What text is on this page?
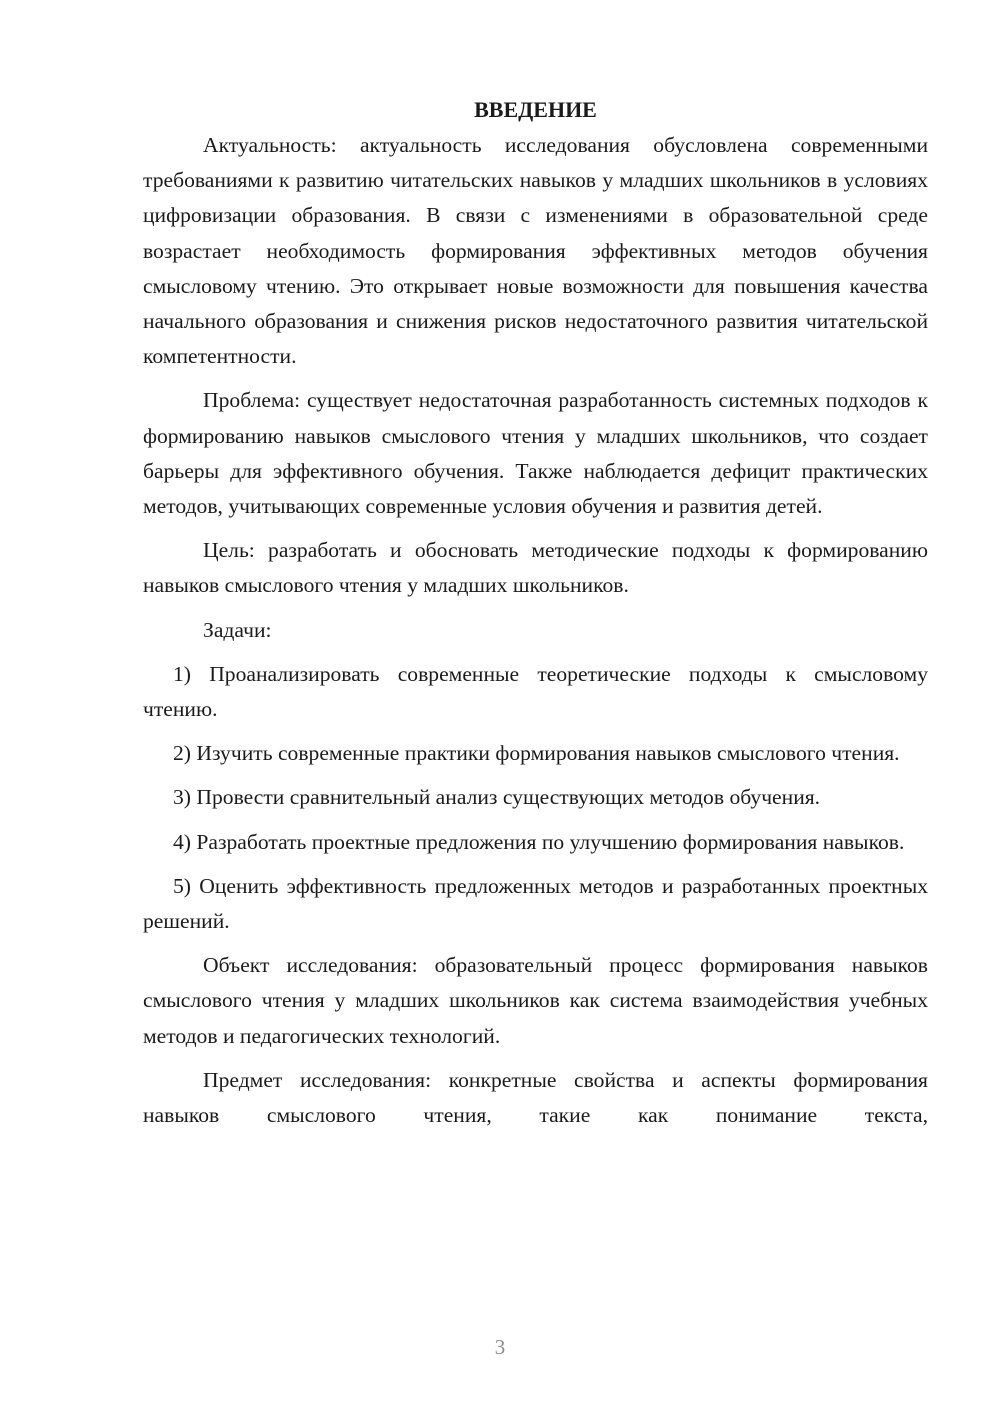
ВВЕДЕНИЕ

Актуальность: актуальность исследования обусловлена современными требованиями к развитию читательских навыков у младших школьников в условиях цифровизации образования. В связи с изменениями в образовательной среде возрастает необходимость формирования эффективных методов обучения смысловому чтению. Это открывает новые возможности для повышения качества начального образования и снижения рисков недостаточного развития читательской компетентности.

Проблема: существует недостаточная разработанность системных подходов к формированию навыков смыслового чтения у младших школьников, что создает барьеры для эффективного обучения. Также наблюдается дефицит практических методов, учитывающих современные условия обучения и развития детей.

Цель: разработать и обосновать методические подходы к формированию навыков смыслового чтения у младших школьников.

Задачи:

1) Проанализировать современные теоретические подходы к смысловому чтению.

2) Изучить современные практики формирования навыков смыслового чтения.

3) Провести сравнительный анализ существующих методов обучения.

4) Разработать проектные предложения по улучшению формирования навыков.

5) Оценить эффективность предложенных методов и разработанных проектных решений.

Объект исследования: образовательный процесс формирования навыков смыслового чтения у младших школьников как система взаимодействия учебных методов и педагогических технологий.

Предмет исследования: конкретные свойства и аспекты формирования навыков смыслового чтения, такие как понимание текста,

3
